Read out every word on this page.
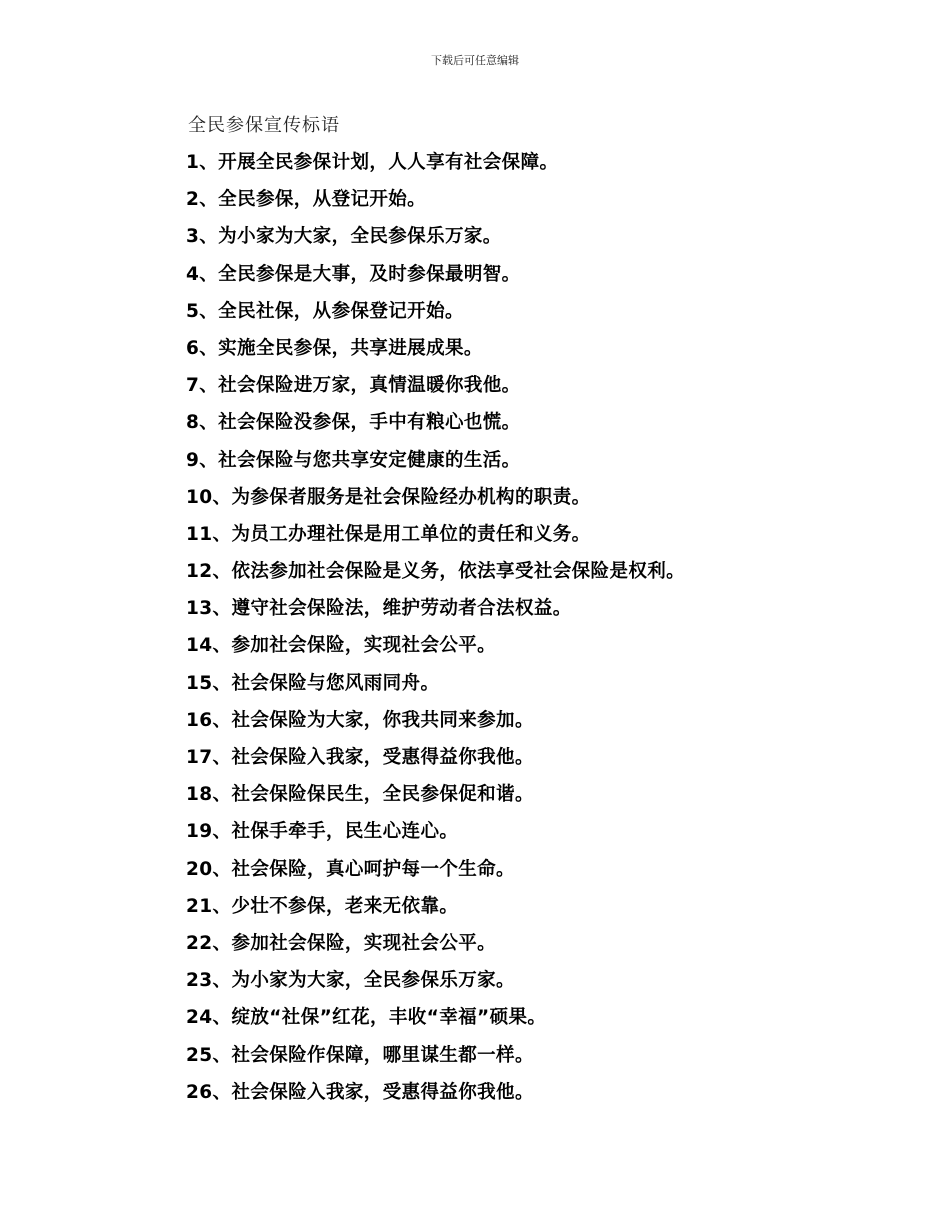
下载后可任意编辑
全民参保宣传标语
1、开展全民参保计划，人人享有社会保障。
2、全民参保，从登记开始。
3、为小家为大家，全民参保乐万家。
4、全民参保是大事，及时参保最明智。
5、全民社保，从参保登记开始。
6、实施全民参保，共享进展成果。
7、社会保险进万家，真情温暖你我他。
8、社会保险没参保，手中有粮心也慌。
9、社会保险与您共享安定健康的生活。
10、为参保者服务是社会保险经办机构的职责。
11、为员工办理社保是用工单位的责任和义务。
12、依法参加社会保险是义务，依法享受社会保险是权利。
13、遵守社会保险法，维护劳动者合法权益。
14、参加社会保险，实现社会公平。
15、社会保险与您风雨同舟。
16、社会保险为大家，你我共同来参加。
17、社会保险入我家，受惠得益你我他。
18、社会保险保民生，全民参保促和谐。
19、社保手牵手，民生心连心。
20、社会保险，真心呵护每一个生命。
21、少壮不参保，老来无依靠。
22、参加社会保险，实现社会公平。
23、为小家为大家，全民参保乐万家。
24、绽放“社保”红花，丰收“幸福”硕果。
25、社会保险作保障，哪里谋生都一样。
26、社会保险入我家，受惠得益你我他。
